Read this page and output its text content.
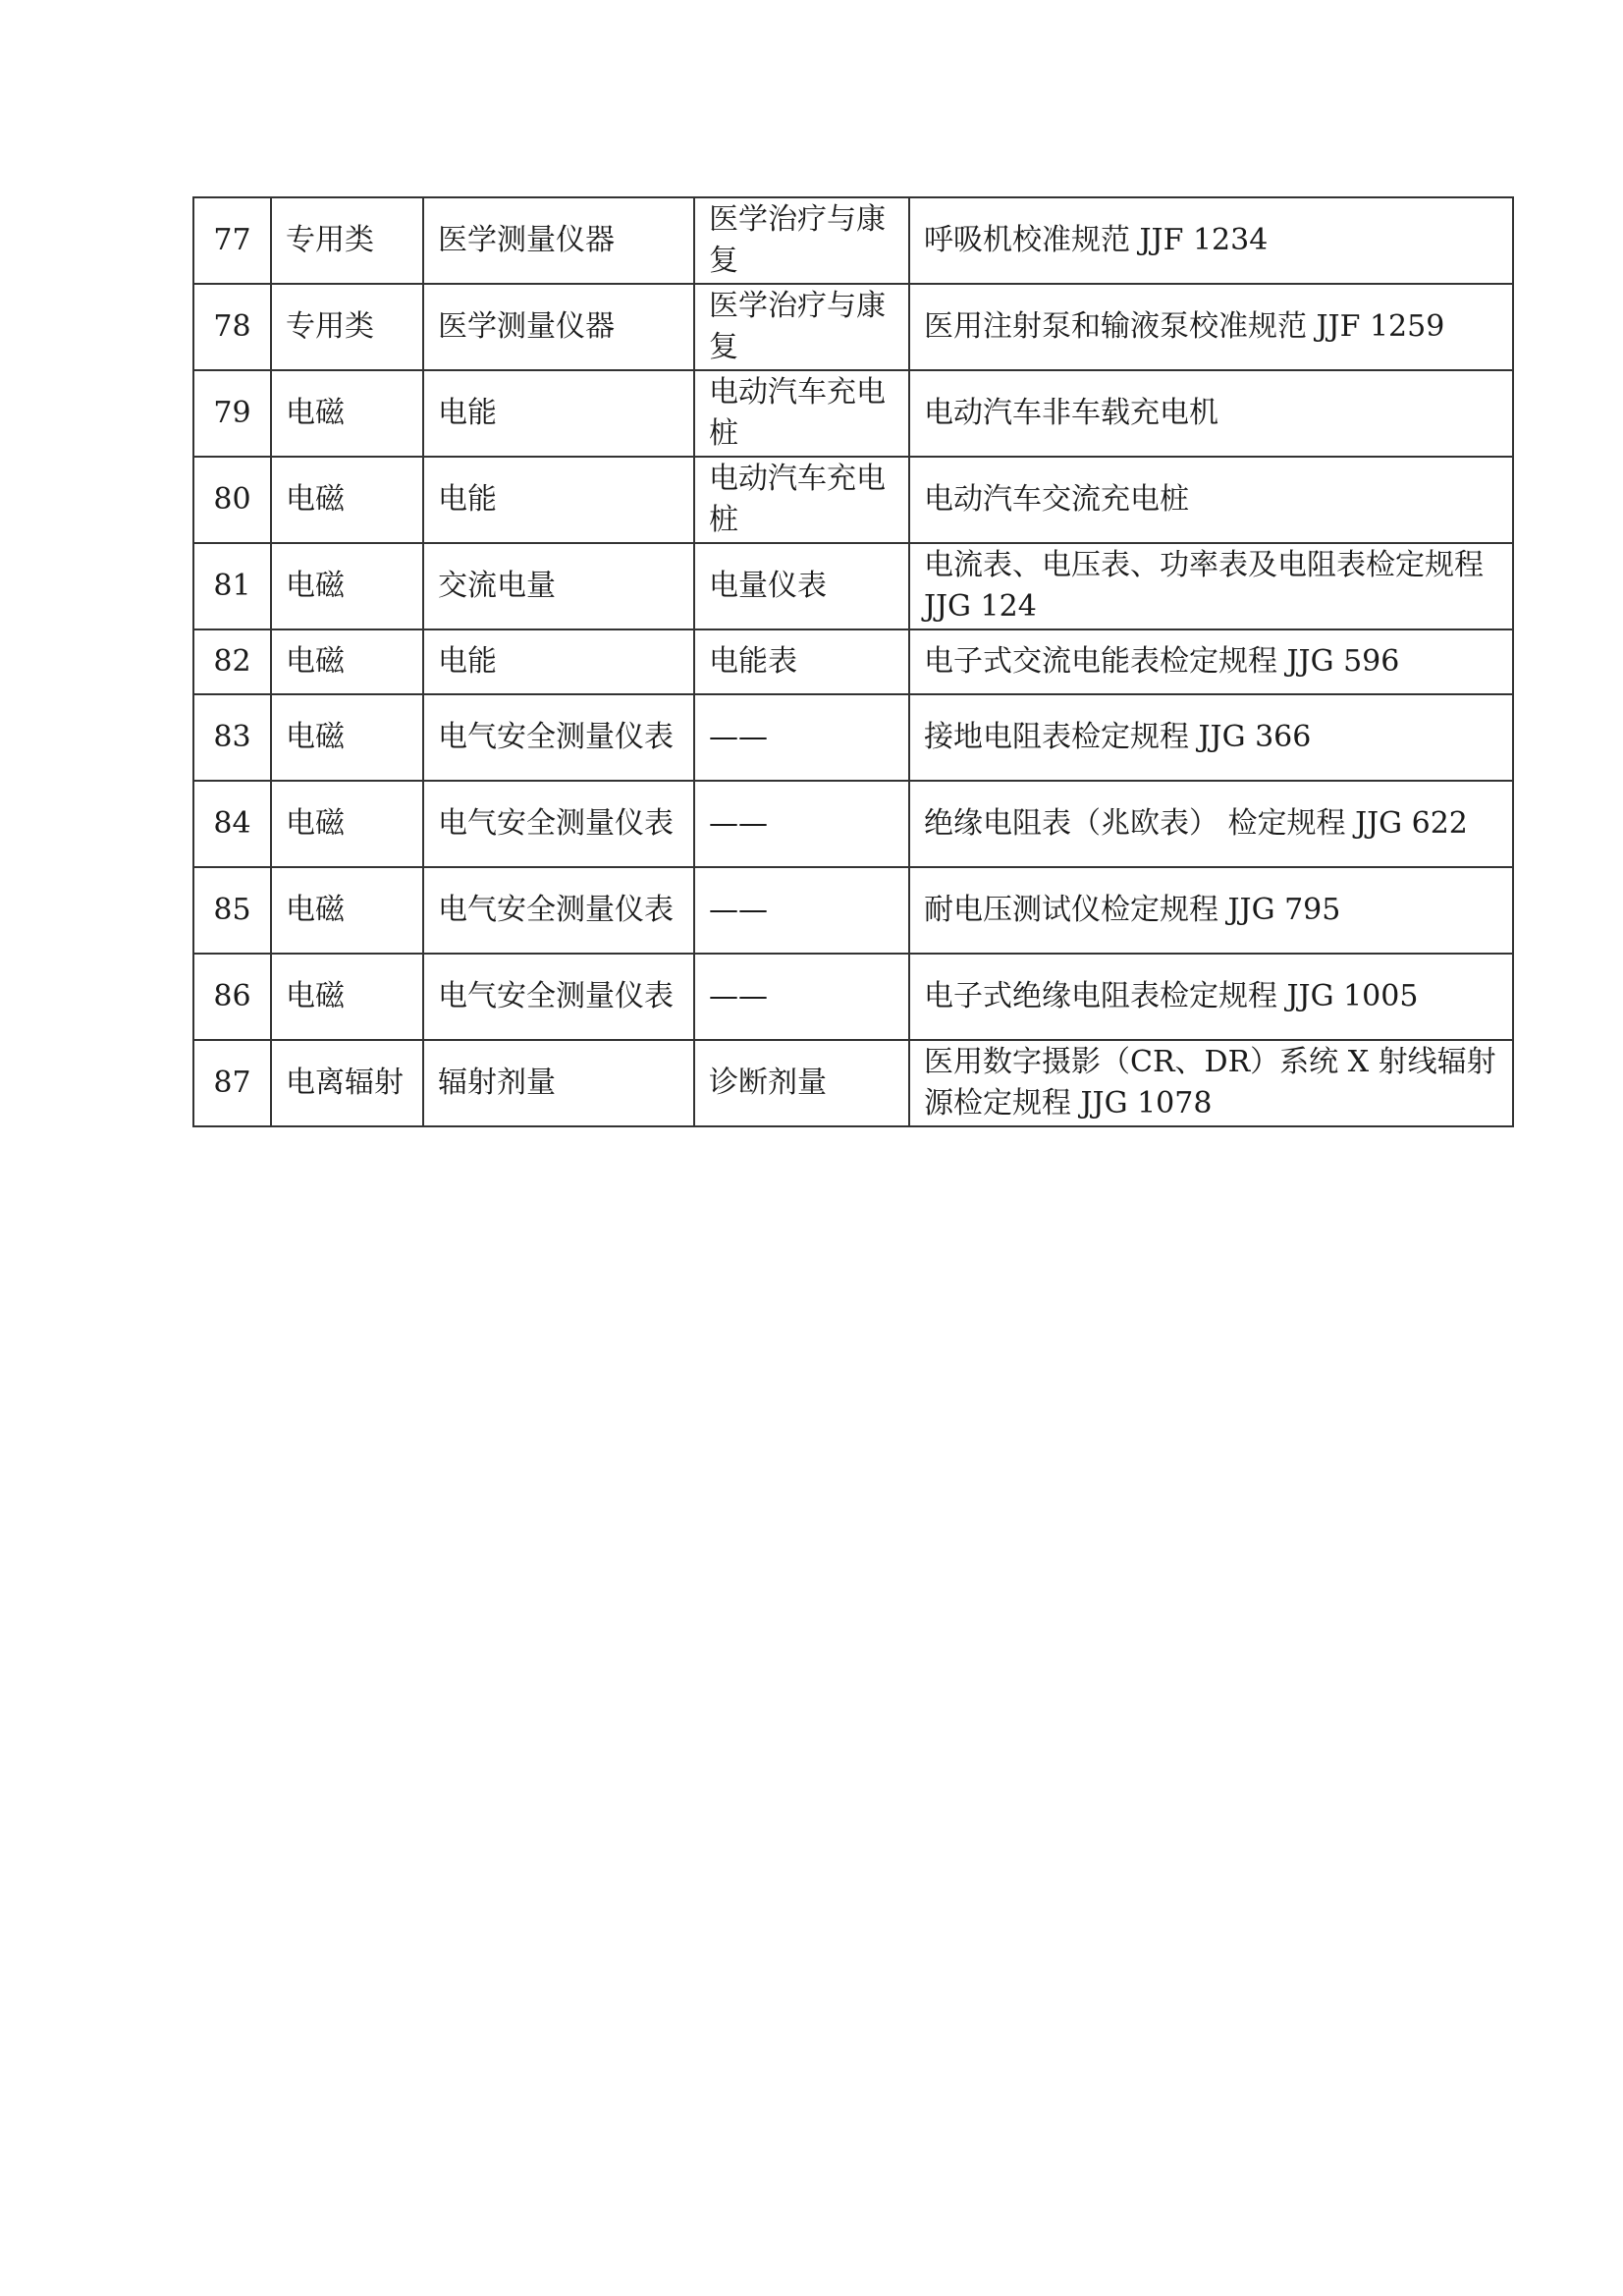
77	专用类	医学测量仪器	医学治疗与康复	呼吸机校准规范 JJF 1234
78	专用类	医学测量仪器	医学治疗与康复	医用注射泵和输液泵校准规范 JJF 1259
79	电磁	电能	电动汽车充电桩	电动汽车非车载充电机
80	电磁	电能	电动汽车充电桩	电动汽车交流充电桩
81	电磁	交流电量	电量仪表	电流表、电压表、功率表及电阻表检定规程 JJG 124
82	电磁	电能	电能表	电子式交流电能表检定规程 JJG 596
83	电磁	电气安全测量仪表	——	接地电阻表检定规程 JJG 366
84	电磁	电气安全测量仪表	——	绝缘电阻表（兆欧表） 检定规程 JJG 622
85	电磁	电气安全测量仪表	——	耐电压测试仪检定规程 JJG 795
86	电磁	电气安全测量仪表	——	电子式绝缘电阻表检定规程 JJG 1005
87	电离辐射	辐射剂量	诊断剂量	医用数字摄影（CR、DR）系统 X 射线辐射源检定规程 JJG 1078
